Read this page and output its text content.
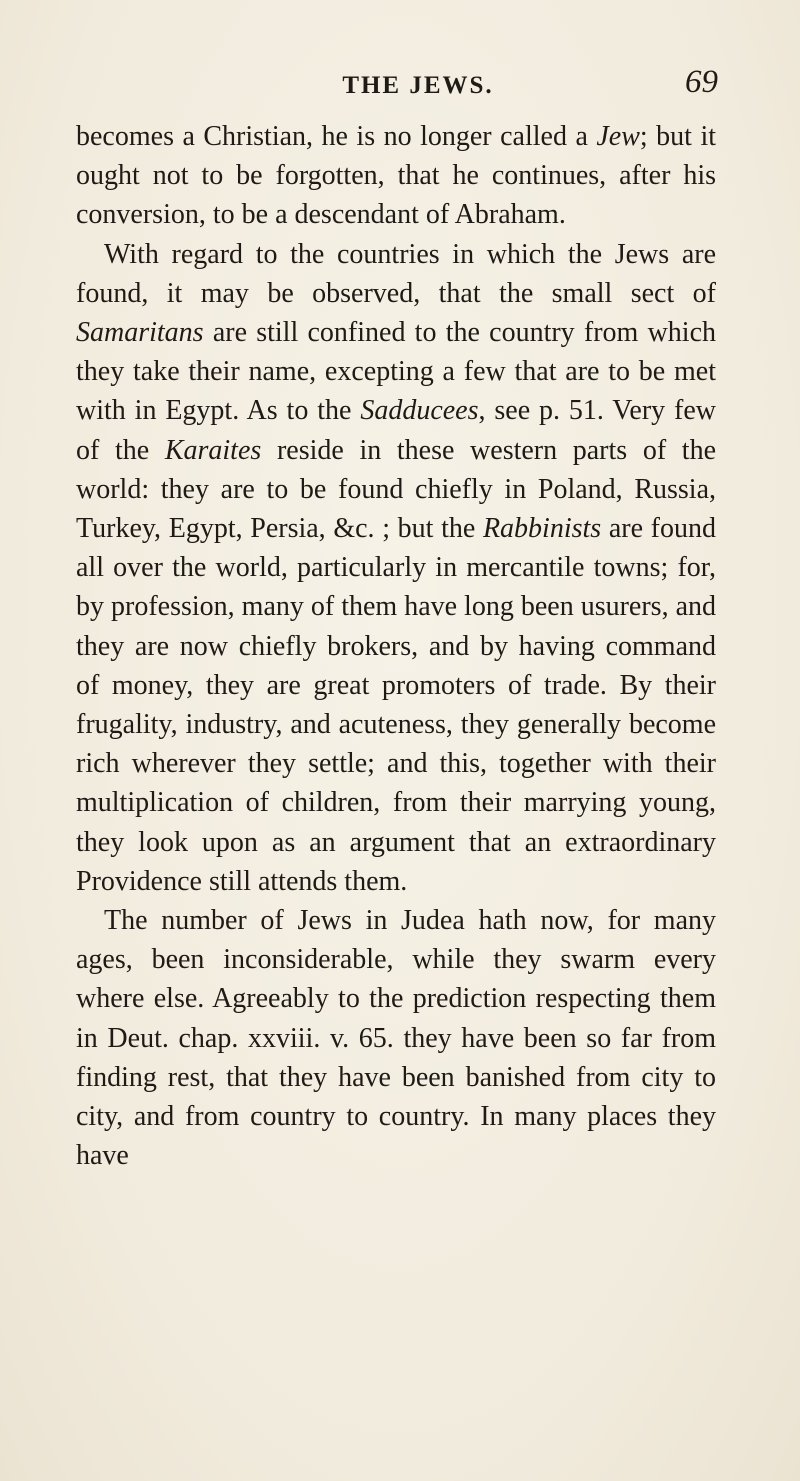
THE JEWS.	69

becomes a Christian, he is no longer called a Jew; but it ought not to be forgotten, that he continues, after his conversion, to be a descendant of Abraham.

With regard to the countries in which the Jews are found, it may be observed, that the small sect of Samaritans are still confined to the country from which they take their name, excepting a few that are to be met with in Egypt. As to the Sadducees, see p. 51. Very few of the Karaites reside in these western parts of the world: they are to be found chiefly in Poland, Russia, Turkey, Egypt, Persia, &c. ; but the Rabbinists are found all over the world, particularly in mercantile towns; for, by profession, many of them have long been usurers, and they are now chiefly brokers, and by having command of money, they are great promoters of trade. By their frugality, industry, and acuteness, they generally become rich wherever they settle; and this, together with their multiplication of children, from their marrying young, they look upon as an argument that an extraordinary Providence still attends them.

The number of Jews in Judea hath now, for many ages, been inconsiderable, while they swarm every where else. Agreeably to the prediction respecting them in Deut. chap. xxviii. v. 65. they have been so far from finding rest, that they have been banished from city to city, and from country to country. In many places they have
